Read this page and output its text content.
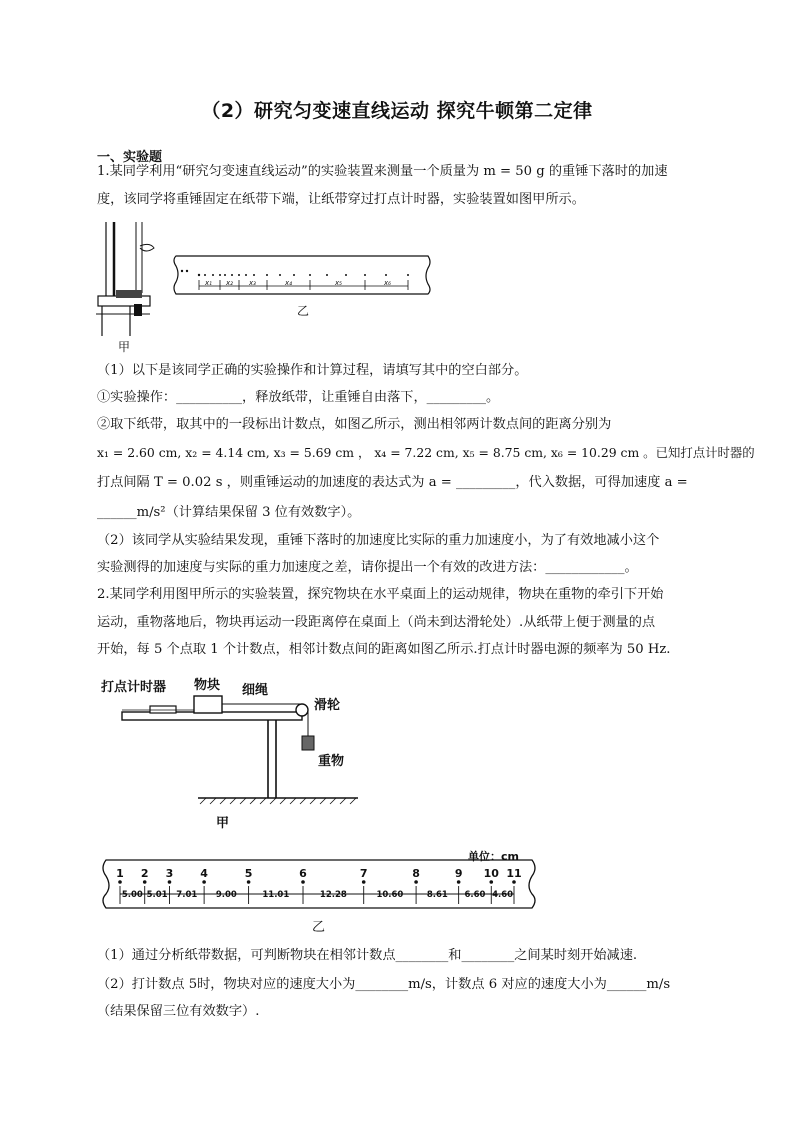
（2）研究匀变速直线运动 探究牛顿第二定律
一、实验题
1.某同学利用“研究匀变速直线运动”的实验装置来测量一个质量为 m = 50 g 的重锤下落时的加速
度，该同学将重锤固定在纸带下端，让纸带穿过打点计时器，实验装置如图甲所示。
甲
x₁ x₂ x₃	x₄	x₅	x₆
乙
（1）以下是该同学正确的实验操作和计算过程，请填写其中的空白部分。
①实验操作：__________，释放纸带，让重锤自由落下，_________。
②取下纸带，取其中的一段标出计数点，如图乙所示，测出相邻两计数点间的距离分别为
x₁ = 2.60 cm, x₂ = 4.14 cm, x₃ = 5.69 cm ， x₄ = 7.22 cm, x₅ = 8.75 cm, x₆ = 10.29 cm 。已知打点计时器的
打点间隔 T = 0.02 s ，则重锤运动的加速度的表达式为 a = _________，代入数据，可得加速度 a =
______m/s²（计算结果保留 3 位有效数字）。
（2）该同学从实验结果发现，重锤下落时的加速度比实际的重力加速度小，为了有效地减小这个
实验测得的加速度与实际的重力加速度之差，请你提出一个有效的改进方法：____________。
2.某同学利用图甲所示的实验装置，探究物块在水平桌面上的运动规律，物块在重物的牵引下开始
运动，重物落地后，物块再运动一段距离停在桌面上（尚未到达滑轮处）.从纸带上便于测量的点
开始，每 5 个点取 1 个计数点，相邻计数点间的距离如图乙所示.打点计时器电源的频率为 50 Hz.
打点计时器 物块 细绳
滑轮
重物
甲
1 2 3 4	5	6	7	8	9 10 11
5.00 5.01 7.01 9.00	11.01	12.28	10.60	8.61 6.60 4.60
单位：cm
乙
（1）通过分析纸带数据，可判断物块在相邻计数点________和________之间某时刻开始减速.
（2）打计数点 5时，物块对应的速度大小为________m/s，计数点 6 对应的速度大小为______m/s
（结果保留三位有效数字）.
